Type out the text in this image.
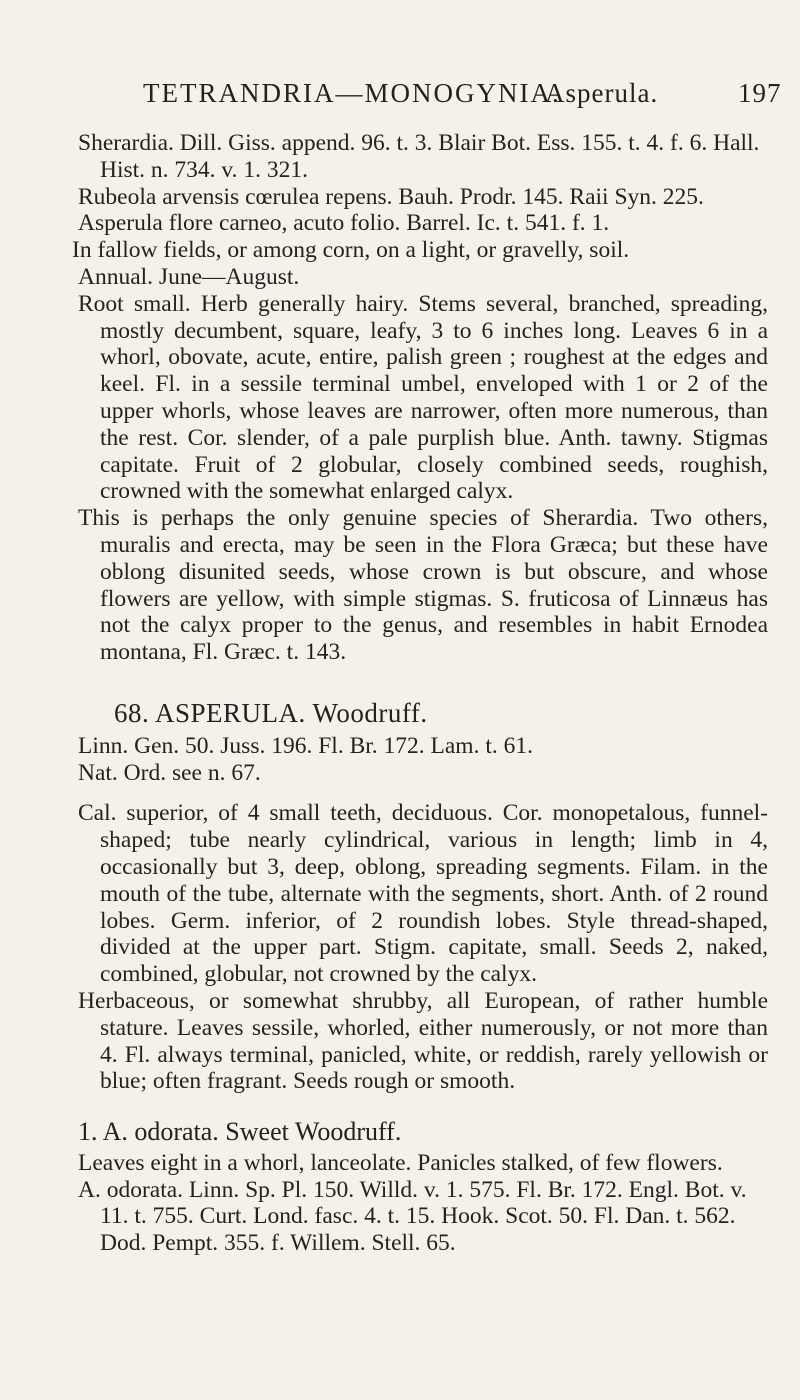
TETRANDRIA—MONOGYNIA.
Asperula.	197

Sherardia. Dill. Giss. append. 96. t. 3. Blair Bot. Ess. 155. t. 4. f. 6. Hall. Hist. n. 734. v. 1. 321.

Rubeola arvensis cœrulea repens. Bauh. Prodr. 145. Raii Syn. 225.

Asperula flore carneo, acuto folio. Barrel. Ic. t. 541. f. 1.

In fallow fields, or among corn, on a light, or gravelly, soil.

Annual. June—August.

Root small. Herb generally hairy. Stems several, branched, spreading, mostly decumbent, square, leafy, 3 to 6 inches long. Leaves 6 in a whorl, obovate, acute, entire, palish green ; roughest at the edges and keel. Fl. in a sessile terminal umbel, enveloped with 1 or 2 of the upper whorls, whose leaves are narrower, often more numerous, than the rest. Cor. slender, of a pale purplish blue. Anth. tawny. Stigmas capitate. Fruit of 2 globular, closely combined seeds, roughish, crowned with the somewhat enlarged calyx.

This is perhaps the only genuine species of Sherardia. Two others, muralis and erecta, may be seen in the Flora Græca; but these have oblong disunited seeds, whose crown is but obscure, and whose flowers are yellow, with simple stigmas. S. fruticosa of Linnæus has not the calyx proper to the genus, and resembles in habit Ernodea montana, Fl. Græc. t. 143.

68. ASPERULA. Woodruff.

Linn. Gen. 50. Juss. 196. Fl. Br. 172. Lam. t. 61.

Nat. Ord. see n. 67.

Cal. superior, of 4 small teeth, deciduous. Cor. monopetalous, funnel-shaped; tube nearly cylindrical, various in length; limb in 4, occasionally but 3, deep, oblong, spreading segments. Filam. in the mouth of the tube, alternate with the segments, short. Anth. of 2 round lobes. Germ. inferior, of 2 roundish lobes. Style thread-shaped, divided at the upper part. Stigm. capitate, small. Seeds 2, naked, combined, globular, not crowned by the calyx.

Herbaceous, or somewhat shrubby, all European, of rather humble stature. Leaves sessile, whorled, either numerously, or not more than 4. Fl. always terminal, panicled, white, or reddish, rarely yellowish or blue; often fragrant. Seeds rough or smooth.

1. A. odorata. Sweet Woodruff.

Leaves eight in a whorl, lanceolate. Panicles stalked, of few flowers.

A. odorata. Linn. Sp. Pl. 150. Willd. v. 1. 575. Fl. Br. 172. Engl. Bot. v. 11. t. 755. Curt. Lond. fasc. 4. t. 15. Hook. Scot. 50. Fl. Dan. t. 562. Dod. Pempt. 355. f. Willem. Stell. 65.
